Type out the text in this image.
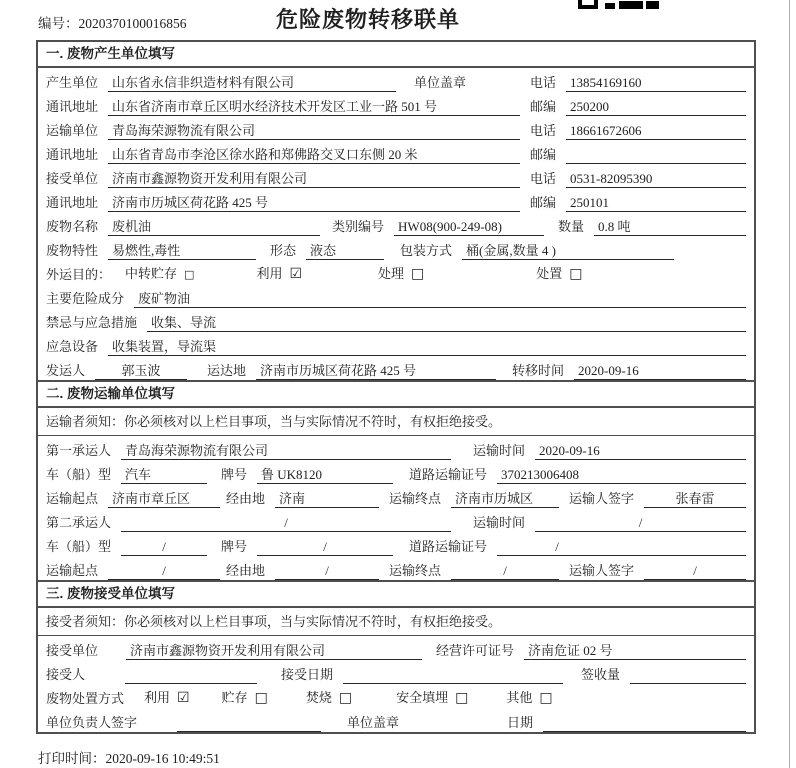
编号：2020370100016856	危险废物转移联单
一. 废物产生单位填写
产生单位	山东省永信非织造材料有限公司	单位盖章	电话	13854169160
通讯地址	山东省济南市章丘区明水经济技术开发区工业一路 501 号	邮编	250200
运输单位	青岛海荣源物流有限公司	电话	18661672606
通讯地址	山东省青岛市李沧区徐水路和郑佛路交叉口东侧 20 米	邮编
接受单位	济南市鑫源物资开发利用有限公司	电话	0531-82095390
通讯地址	济南市历城区荷花路 425 号	邮编	250101
废物名称	废机油	类别编号	HW08(900-249-08)	数量	0.8 吨
废物特性	易燃性,毒性	形态	液态	包装方式	桶(金属,数量 4 )
外运目的： 中转贮存 □	利用 ☑	处理 □	处置 □
主要危险成分	废矿物油
禁忌与应急措施	收集、导流
应急设备	收集装置，导流渠
发运人	郭玉波	运达地	济南市历城区荷花路 425 号	转移时间	2020-09-16
二. 废物运输单位填写
运输者须知： 你必须核对以上栏目事项，当与实际情况不符时，有权拒绝接受。
第一承运人	青岛海荣源物流有限公司	运输时间	2020-09-16
车（船）型	汽车	牌号	鲁 UK8120	道路运输证号	370213006408
运输起点	济南市章丘区	经由地	济南	运输终点	济南市历城区	运输人签字	张春雷
第二承运人	/	运输时间	/
车（船）型	/	牌号	/	道路运输证号	/
运输起点	/	经由地	/	运输终点	/	运输人签字	/
三. 废物接受单位填写
接受者须知： 你必须核对以上栏目事项，当与实际情况不符时，有权拒绝接受。
接受单位	济南市鑫源物资开发利用有限公司	经营许可证号	济南危证 02 号
接受人	接受日期	签收量
废物处置方式 利用 ☑ 贮存 □	焚烧 □	安全填埋 □	其他 □
单位负责人签字	单位盖章	日期
打印时间：2020-09-16 10:49:51
